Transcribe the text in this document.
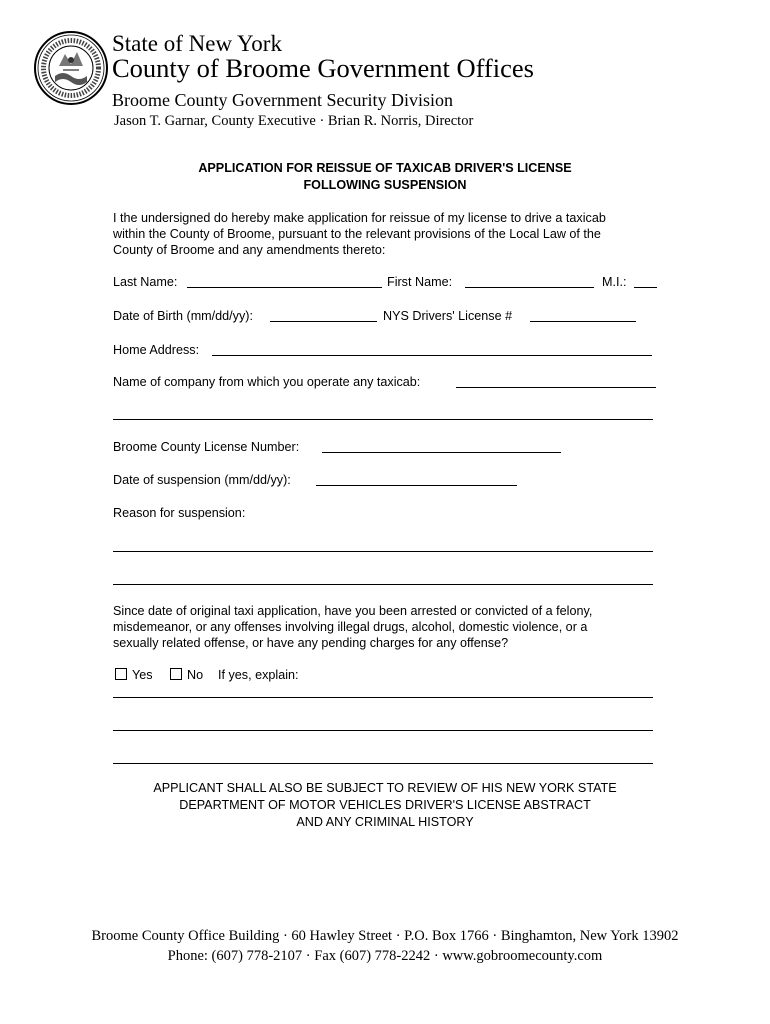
State of New York
County of Broome Government Offices
Broome County Government Security Division
Jason T. Garnar, County Executive · Brian R. Norris, Director
APPLICATION FOR REISSUE OF TAXICAB DRIVER'S LICENSE
FOLLOWING SUSPENSION
I the undersigned do hereby make application for reissue of my license to drive a taxicab
within the County of Broome, pursuant to the relevant provisions of the Local Law of the
County of Broome and any amendments thereto:
Last Name:	First Name:	M.I.:
Date of Birth (mm/dd/yy):	NYS Drivers' License #
Home Address:
Name of company from which you operate any taxicab:
Broome County License Number:
Date of suspension (mm/dd/yy):
Reason for suspension:
Since date of original taxi application, have you been arrested or convicted of a felony,
misdemeanor, or any offenses involving illegal drugs, alcohol, domestic violence, or a
sexually related offense, or have any pending charges for any offense?
Yes	No If yes, explain:
APPLICANT SHALL ALSO BE SUBJECT TO REVIEW OF HIS NEW YORK STATE
DEPARTMENT OF MOTOR VEHICLES DRIVER'S LICENSE ABSTRACT
AND ANY CRIMINAL HISTORY
Broome County Office Building · 60 Hawley Street · P.O. Box 1766 · Binghamton, New York 13902
Phone: (607) 778-2107 · Fax (607) 778-2242 · www.gobroomecounty.com
